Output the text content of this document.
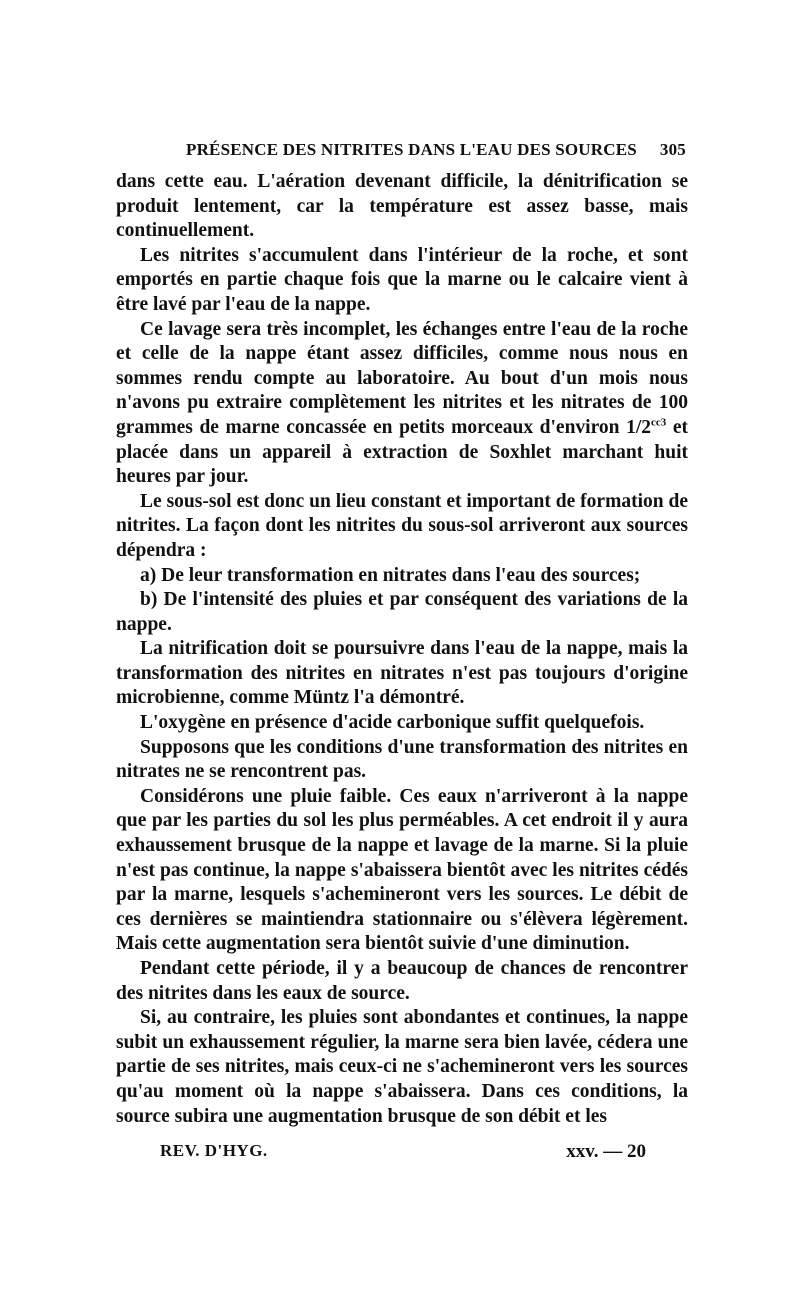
PRÉSENCE DES NITRITES DANS L'EAU DES SOURCES 305

dans cette eau. L'aération devenant difficile, la dénitrification se produit lentement, car la température est assez basse, mais continuellement.

Les nitrites s'accumulent dans l'intérieur de la roche, et sont emportés en partie chaque fois que la marne ou le calcaire vient à être lavé par l'eau de la nappe.

Ce lavage sera très incomplet, les échanges entre l'eau de la roche et celle de la nappe étant assez difficiles, comme nous nous en sommes rendu compte au laboratoire. Au bout d'un mois nous n'avons pu extraire complètement les nitrites et les nitrates de 100 grammes de marne concassée en petits morceaux d'environ $1/2^{cc3}$ et placée dans un appareil à extraction de Soxhlet marchant huit heures par jour.

Le sous-sol est donc un lieu constant et important de formation de nitrites. La façon dont les nitrites du sous-sol arriveront aux sources dépendra :

a) De leur transformation en nitrates dans l'eau des sources;

b) De l'intensité des pluies et par conséquent des variations de la nappe.

La nitrification doit se poursuivre dans l'eau de la nappe, mais la transformation des nitrites en nitrates n'est pas toujours d'origine microbienne, comme Müntz l'a démontré.

L'oxygène en présence d'acide carbonique suffit quelquefois.

Supposons que les conditions d'une transformation des nitrites en nitrates ne se rencontrent pas.

Considérons une pluie faible. Ces eaux n'arriveront à la nappe que par les parties du sol les plus perméables. A cet endroit il y aura exhaussement brusque de la nappe et lavage de la marne. Si la pluie n'est pas continue, la nappe s'abaissera bientôt avec les nitrites cédés par la marne, lesquels s'achemineront vers les sources. Le débit de ces dernières se maintiendra stationnaire ou s'élèvera légèrement. Mais cette augmentation sera bientôt suivie d'une diminution.

Pendant cette période, il y a beaucoup de chances de rencontrer des nitrites dans les eaux de source.

Si, au contraire, les pluies sont abondantes et continues, la nappe subit un exhaussement régulier, la marne sera bien lavée, cédera une partie de ses nitrites, mais ceux-ci ne s'achemineront vers les sources qu'au moment où la nappe s'abaissera. Dans ces conditions, la source subira une augmentation brusque de son débit et les

REV. D'HYG.	xxv. — 20
